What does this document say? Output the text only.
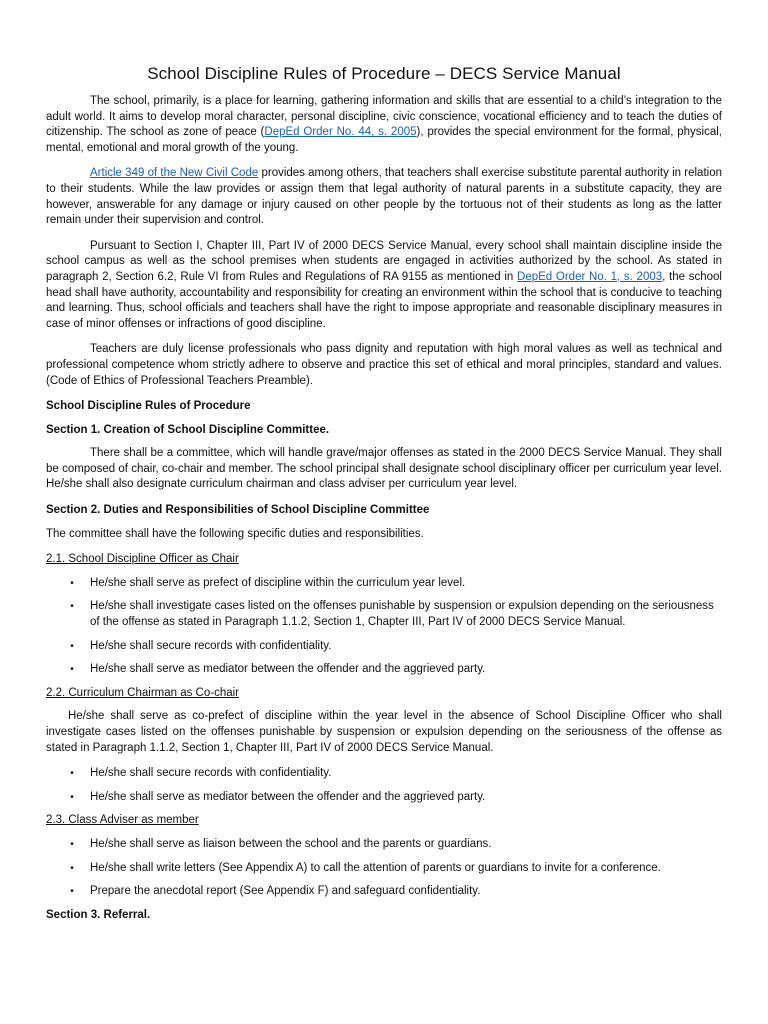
School Discipline Rules of Procedure – DECS Service Manual

The school, primarily, is a place for learning, gathering information and skills that are essential to a child’s integration to the adult world. It aims to develop moral character, personal discipline, civic conscience, vocational efficiency and to teach the duties of citizenship. The school as zone of peace (DepEd Order No. 44, s. 2005), provides the special environment for the formal, physical, mental, emotional and moral growth of the young.

Article 349 of the New Civil Code provides among others, that teachers shall exercise substitute parental authority in relation to their students. While the law provides or assign them that legal authority of natural parents in a substitute capacity, they are however, answerable for any damage or injury caused on other people by the tortuous not of their students as long as the latter remain under their supervision and control.

Pursuant to Section I, Chapter III, Part IV of 2000 DECS Service Manual, every school shall maintain discipline inside the school campus as well as the school premises when students are engaged in activities authorized by the school. As stated in paragraph 2, Section 6.2, Rule VI from Rules and Regulations of RA 9155 as mentioned in DepEd Order No. 1, s. 2003, the school head shall have authority, accountability and responsibility for creating an environment within the school that is conducive to teaching and learning. Thus, school officials and teachers shall have the right to impose appropriate and reasonable disciplinary measures in case of minor offenses or infractions of good discipline.

Teachers are duly license professionals who pass dignity and reputation with high moral values as well as technical and professional competence whom strictly adhere to observe and practice this set of ethical and moral principles, standard and values. (Code of Ethics of Professional Teachers Preamble).

School Discipline Rules of Procedure

Section 1. Creation of School Discipline Committee.

There shall be a committee, which will handle grave/major offenses as stated in the 2000 DECS Service Manual. They shall be composed of chair, co-chair and member. The school principal shall designate school disciplinary officer per curriculum year level. He/she shall also designate curriculum chairman and class adviser per curriculum year level.

Section 2. Duties and Responsibilities of School Discipline Committee

The committee shall have the following specific duties and responsibilities.

2.1. School Discipline Officer as Chair

• He/she shall serve as prefect of discipline within the curriculum year level.
• He/she shall investigate cases listed on the offenses punishable by suspension or expulsion depending on the seriousness of the offense as stated in Paragraph 1.1.2, Section 1, Chapter III, Part IV of 2000 DECS Service Manual.
• He/she shall secure records with confidentiality.
• He/she shall serve as mediator between the offender and the aggrieved party.

2.2. Curriculum Chairman as Co-chair

He/she shall serve as co-prefect of discipline within the year level in the absence of School Discipline Officer who shall investigate cases listed on the offenses punishable by suspension or expulsion depending on the seriousness of the offense as stated in Paragraph 1.1.2, Section 1, Chapter III, Part IV of 2000 DECS Service Manual.

• He/she shall secure records with confidentiality.
• He/she shall serve as mediator between the offender and the aggrieved party.

2.3. Class Adviser as member

• He/she shall serve as liaison between the school and the parents or guardians.
• He/she shall write letters (See Appendix A) to call the attention of parents or guardians to invite for a conference.
• Prepare the anecdotal report (See Appendix F) and safeguard confidentiality.

Section 3. Referral.
